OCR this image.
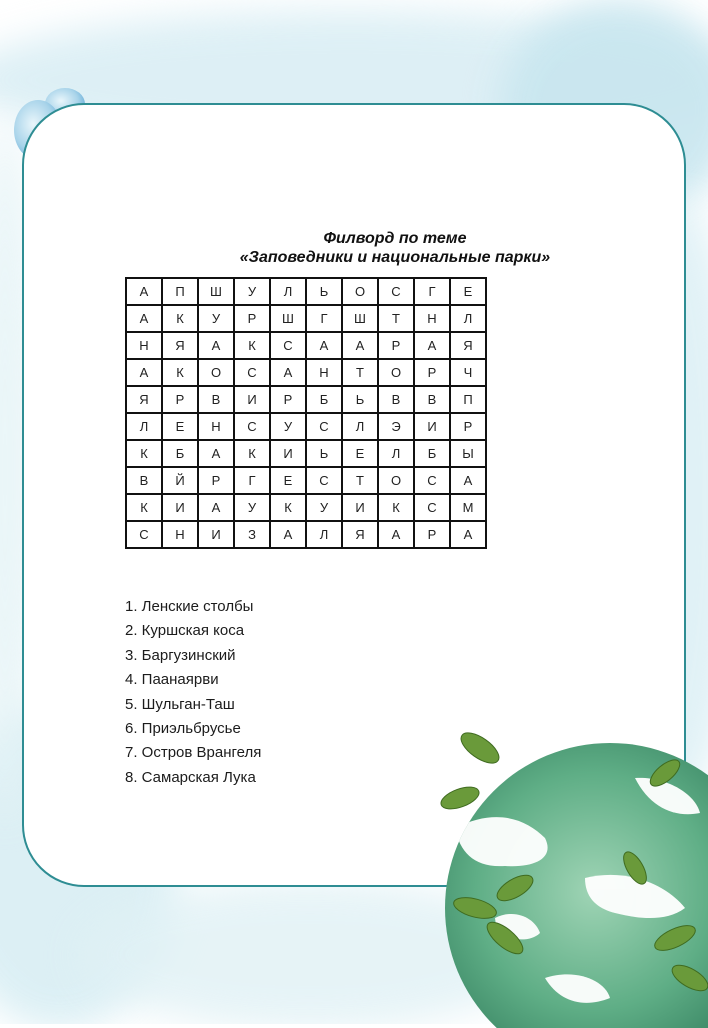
Филворд по теме
«Заповедники и национальные парки»
А	П	Ш	У	Л	Ь	О	С	Г	Е
А	К	У	Р	Ш	Г	Ш	Т	Н	Л
Н	Я	А	К	С	А	А	Р	А	Я
А	К	О	С	А	Н	Т	О	Р	Ч
Я	Р	В	И	Р	Б	Ь	В	В	П
Л	Е	Н	С	У	С	Л	Э	И	Р
К	Б	А	К	И	Ь	Е	Л	Б	Ы
В	Й	Р	Г	Е	С	Т	О	С	А
К	И	А	У	К	У	И	К	С	М
С	Н	И	З	А	Л	Я	А	Р	А
1. Ленские столбы
2. Куршская коса
3. Баргузинский
4. Паанаярви
5. Шульган-Таш
6. Приэльбрусье
7. Остров Врангеля
8. Самарская Лука
